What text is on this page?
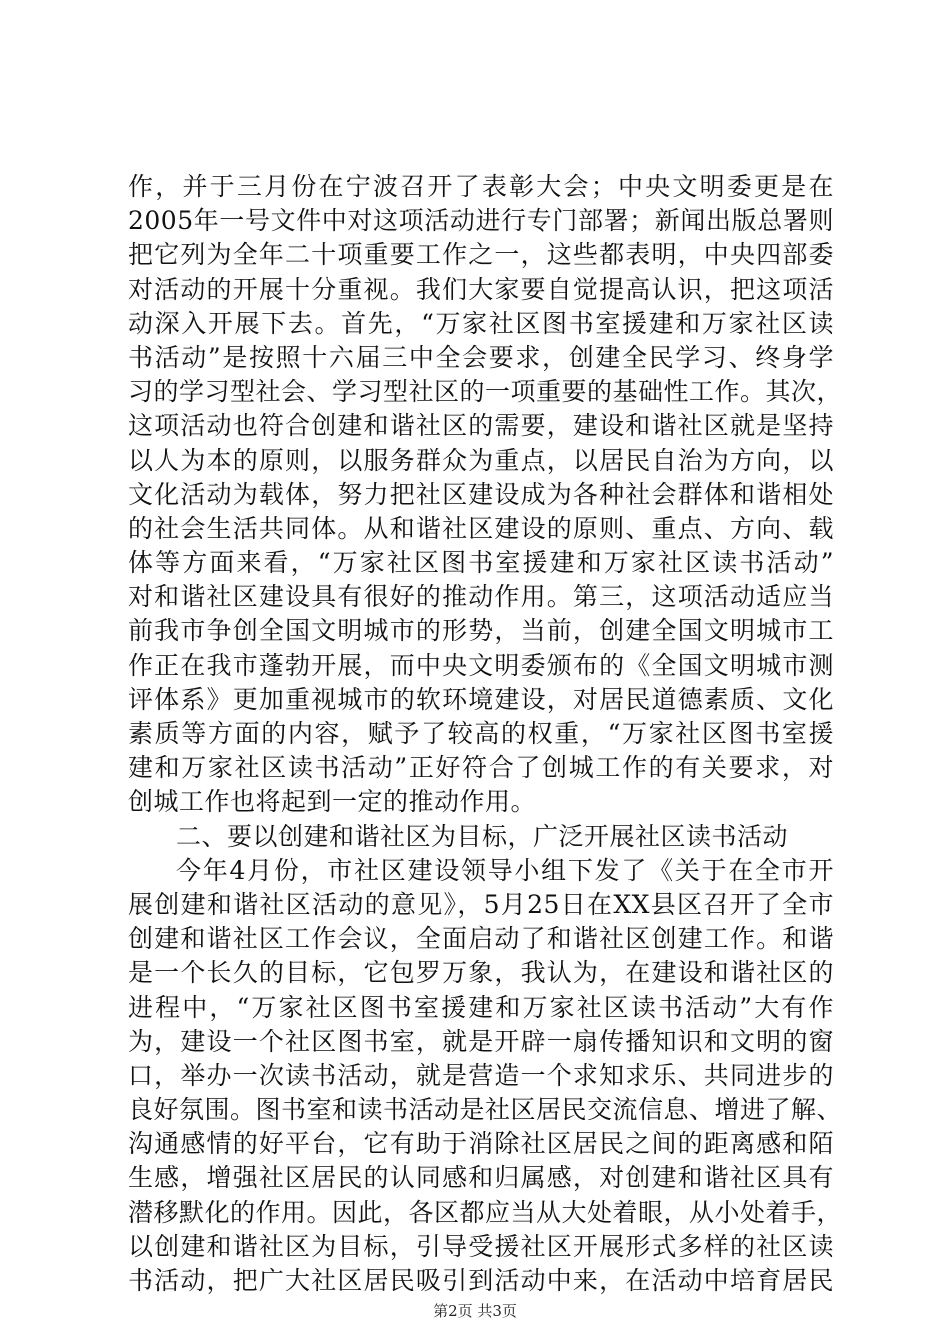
作，并于三月份在宁波召开了表彰大会；中央文明委更是在
2005年一号文件中对这项活动进行专门部署；新闻出版总署则
把它列为全年二十项重要工作之一，这些都表明，中央四部委
对活动的开展十分重视。我们大家要自觉提高认识，把这项活
动深入开展下去。首先，“万家社区图书室援建和万家社区读
书活动”是按照十六届三中全会要求，创建全民学习、终身学
习的学习型社会、学习型社区的一项重要的基础性工作。其次，
这项活动也符合创建和谐社区的需要，建设和谐社区就是坚持
以人为本的原则，以服务群众为重点，以居民自治为方向，以
文化活动为载体，努力把社区建设成为各种社会群体和谐相处
的社会生活共同体。从和谐社区建设的原则、重点、方向、载
体等方面来看，“万家社区图书室援建和万家社区读书活动”
对和谐社区建设具有很好的推动作用。第三，这项活动适应当
前我市争创全国文明城市的形势，当前，创建全国文明城市工
作正在我市蓬勃开展，而中央文明委颁布的《全国文明城市测
评体系》更加重视城市的软环境建设，对居民道德素质、文化
素质等方面的内容，赋予了较高的权重，“万家社区图书室援
建和万家社区读书活动”正好符合了创城工作的有关要求，对
创城工作也将起到一定的推动作用。
二、要以创建和谐社区为目标，广泛开展社区读书活动
今年4月份，市社区建设领导小组下发了《关于在全市开
展创建和谐社区活动的意见》，5月25日在XX县区召开了全市
创建和谐社区工作会议，全面启动了和谐社区创建工作。和谐
是一个长久的目标，它包罗万象，我认为，在建设和谐社区的
进程中，“万家社区图书室援建和万家社区读书活动”大有作
为，建设一个社区图书室，就是开辟一扇传播知识和文明的窗
口，举办一次读书活动，就是营造一个求知求乐、共同进步的
良好氛围。图书室和读书活动是社区居民交流信息、增进了解、
沟通感情的好平台，它有助于消除社区居民之间的距离感和陌
生感，增强社区居民的认同感和归属感，对创建和谐社区具有
潜移默化的作用。因此，各区都应当从大处着眼，从小处着手，
以创建和谐社区为目标，引导受援社区开展形式多样的社区读
书活动，把广大社区居民吸引到活动中来，在活动中培育居民
第2页 共3页
